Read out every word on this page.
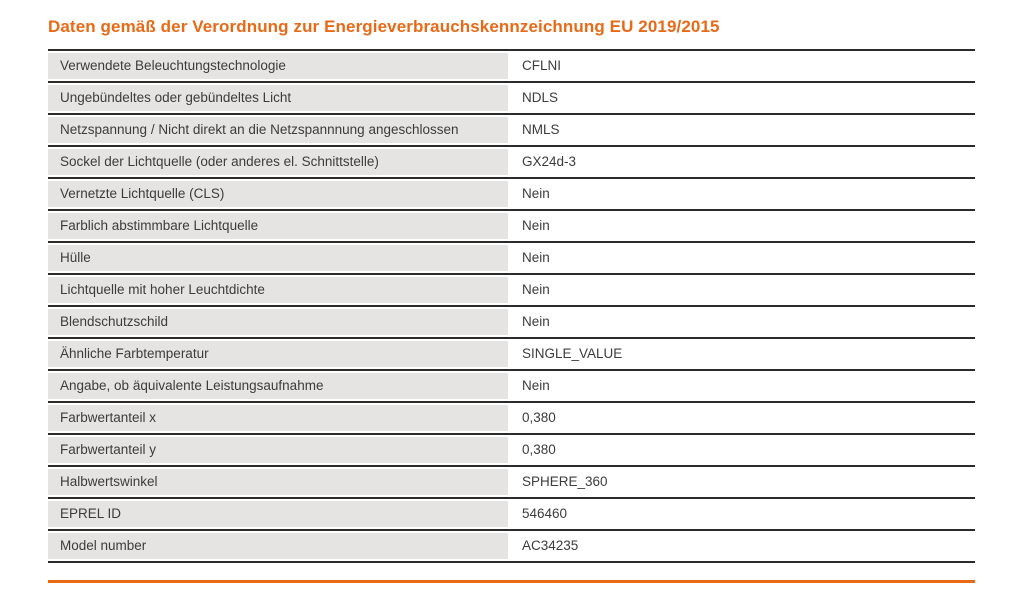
Daten gemäß der Verordnung zur Energieverbrauchskennzeichnung EU 2019/2015
Verwendete Beleuchtungstechnologie	CFLNI
Ungebündeltes oder gebündeltes Licht	NDLS
Netzspannung / Nicht direkt an die Netzspannnung angeschlossen	NMLS
Sockel der Lichtquelle (oder anderes el. Schnittstelle)	GX24d-3
Vernetzte Lichtquelle (CLS)	Nein
Farblich abstimmbare Lichtquelle	Nein
Hülle	Nein
Lichtquelle mit hoher Leuchtdichte	Nein
Blendschutzschild	Nein
Ähnliche Farbtemperatur	SINGLE_VALUE
Angabe, ob äquivalente Leistungsaufnahme	Nein
Farbwertanteil x	0,380
Farbwertanteil y	0,380
Halbwertswinkel	SPHERE_360
EPREL ID	546460
Model number	AC34235
